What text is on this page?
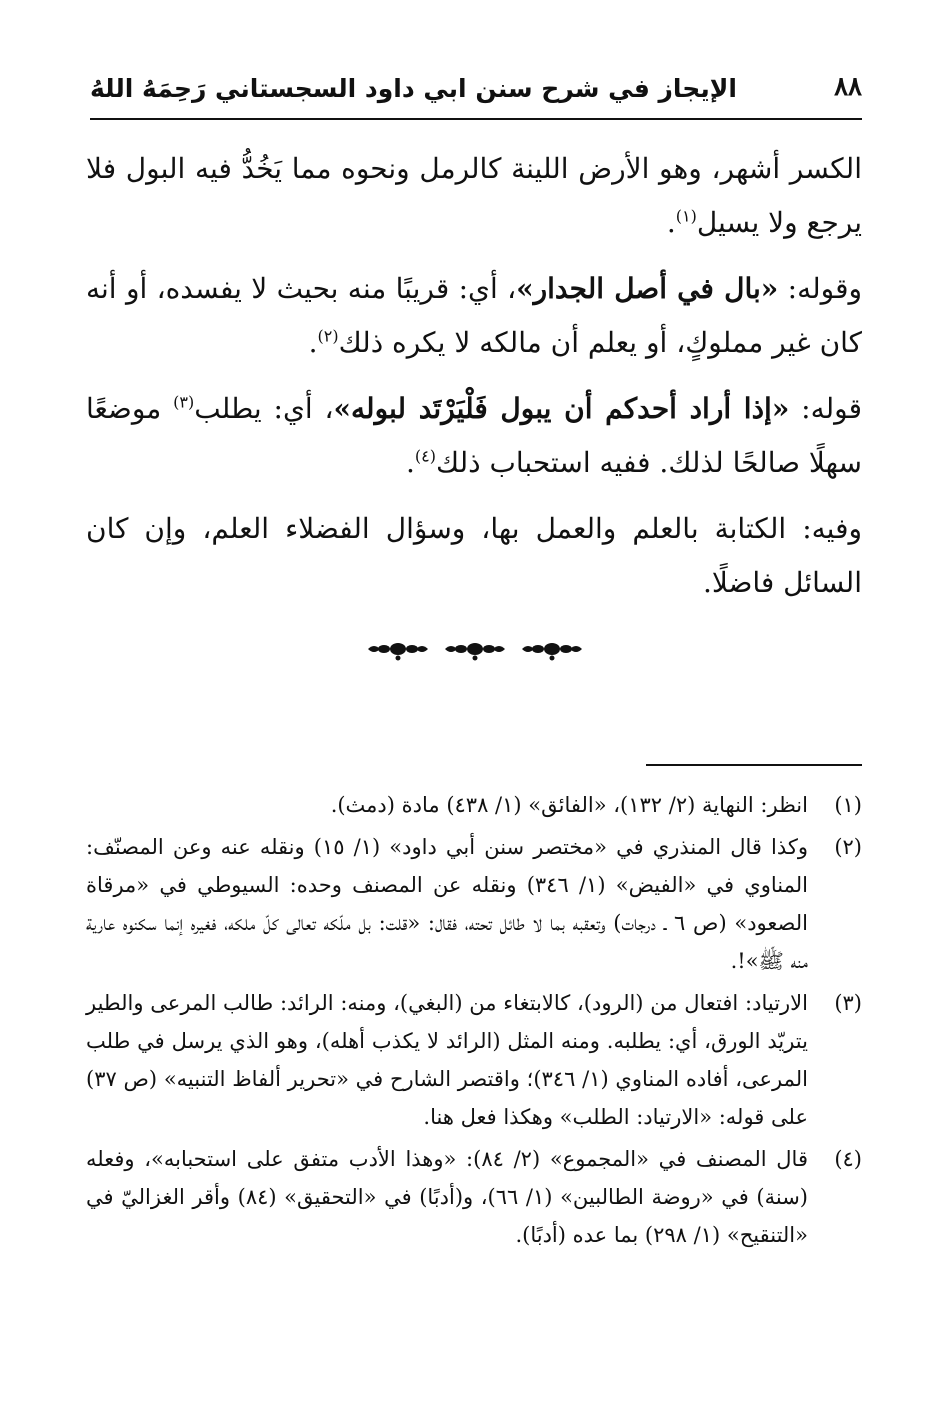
٨٨
الإيجاز في شرح سنن ابي داود السجستاني رَحِمَهُ اللهُ

الكسر أشهر، وهو الأرض اللينة كالرمل ونحوه مما يَخُدُّ فيه البول فلا يرجع ولا يسيل$^{(١)}$.

وقوله: «بال في أصل الجدار»، أي: قريبًا منه بحيث لا يفسده، أو أنه كان غير مملوكٍ، أو يعلم أن مالكه لا يكره ذلك$^{(٢)}$.

قوله: «إذا أراد أحدكم أن يبول فَلْيَرْتَد لبوله»، أي: يطلب$^{(٣)}$ موضعًا سهلًا صالحًا لذلك. ففيه استحباب ذلك$^{(٤)}$.

وفيه: الكتابة بالعلم والعمل بها، وسؤال الفضلاء العلم، وإن كان السائل فاضلًا.

(١)
انظر: النهاية (٢/ ١٣٢)، «الفائق» (١/ ٤٣٨) مادة (دمث).
(٢)
وكذا قال المنذري في «مختصر سنن أبي داود» (١/ ١٥) ونقله عنه وعن المصنّف: المناوي في «الفيض» (١/ ٣٤٦) ونقله عن المصنف وحده: السيوطي في «مرقاة الصعود» (ص ٦ ـ درجات) وتعقبه بما لا طائل تحته، فقال: «قلت: بل ملّكه تعالى كلّ ملكه، فغيره إنما سكنوه عارية منه ﷺ»!.
(٣)
الارتياد: افتعال من (الرود)، كالابتغاء من (البغي)، ومنه: الرائد: طالب المرعى والطير يتريّد الورق، أي: يطلبه. ومنه المثل (الرائد لا يكذب أهله)، وهو الذي يرسل في طلب المرعى، أفاده المناوي (١/ ٣٤٦)؛ واقتصر الشارح في «تحرير ألفاظ التنبيه» (ص ٣٧) على قوله: «الارتياد: الطلب» وهكذا فعل هنا.
(٤)
قال المصنف في «المجموع» (٢/ ٨٤): «وهذا الأدب متفق على استحبابه»، وفعله (سنة) في «روضة الطالبين» (١/ ٦٦)، و(أدبًا) في «التحقيق» (٨٤) وأقر الغزاليّ في «التنقيح» (١/ ٢٩٨) بما عده (أدبًا).
